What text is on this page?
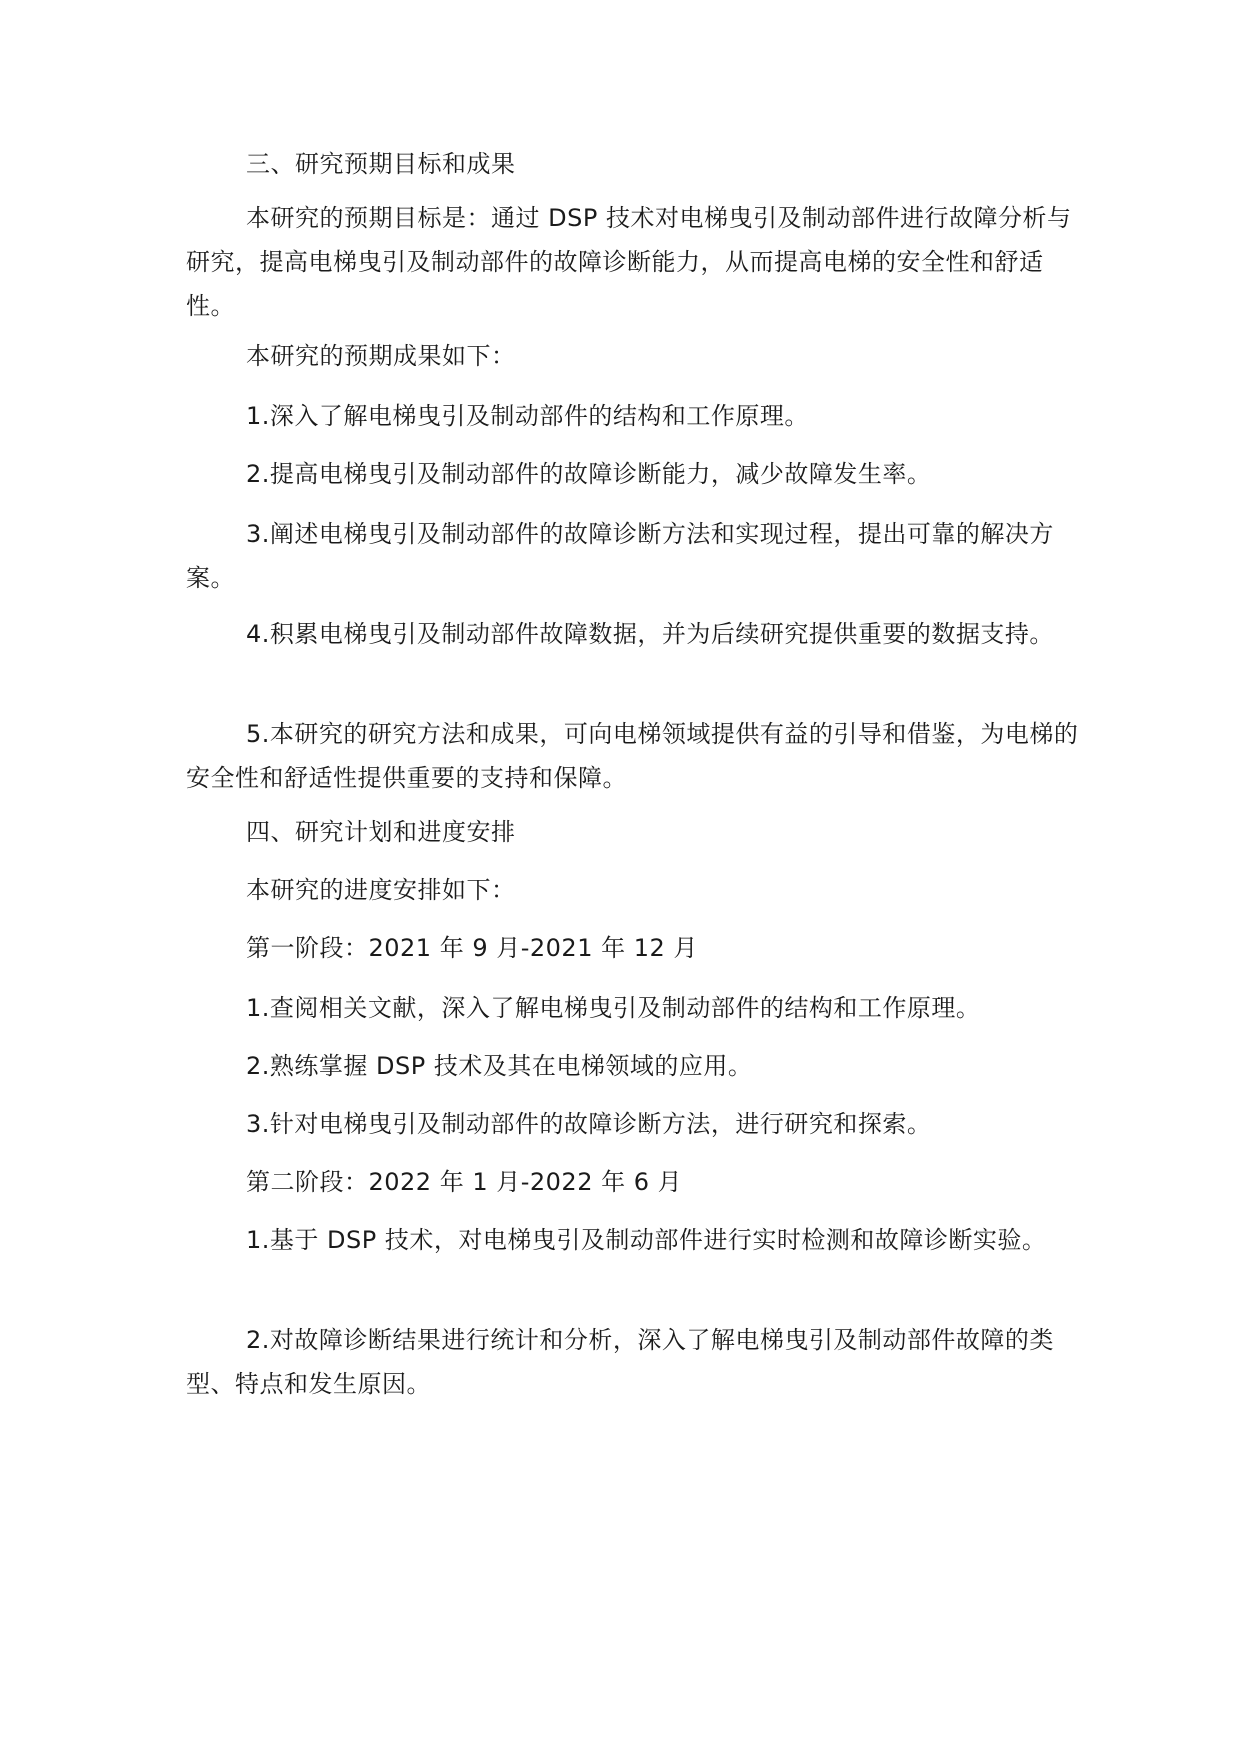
三、研究预期目标和成果

本研究的预期目标是：通过 DSP 技术对电梯曳引及制动部件进行故障分析与研究，提高电梯曳引及制动部件的故障诊断能力，从而提高电梯的安全性和舒适性。

本研究的预期成果如下：

1.深入了解电梯曳引及制动部件的结构和工作原理。

2.提高电梯曳引及制动部件的故障诊断能力，减少故障发生率。

3.阐述电梯曳引及制动部件的故障诊断方法和实现过程，提出可靠的解决方案。

4.积累电梯曳引及制动部件故障数据，并为后续研究提供重要的数据支持。

5.本研究的研究方法和成果，可向电梯领域提供有益的引导和借鉴，为电梯的安全性和舒适性提供重要的支持和保障。

四、研究计划和进度安排

本研究的进度安排如下：

第一阶段：2021 年 9 月-2021 年 12 月

1.查阅相关文献，深入了解电梯曳引及制动部件的结构和工作原理。

2.熟练掌握 DSP 技术及其在电梯领域的应用。

3.针对电梯曳引及制动部件的故障诊断方法，进行研究和探索。

第二阶段：2022 年 1 月-2022 年 6 月

1.基于 DSP 技术，对电梯曳引及制动部件进行实时检测和故障诊断实验。

2.对故障诊断结果进行统计和分析，深入了解电梯曳引及制动部件故障的类型、特点和发生原因。
